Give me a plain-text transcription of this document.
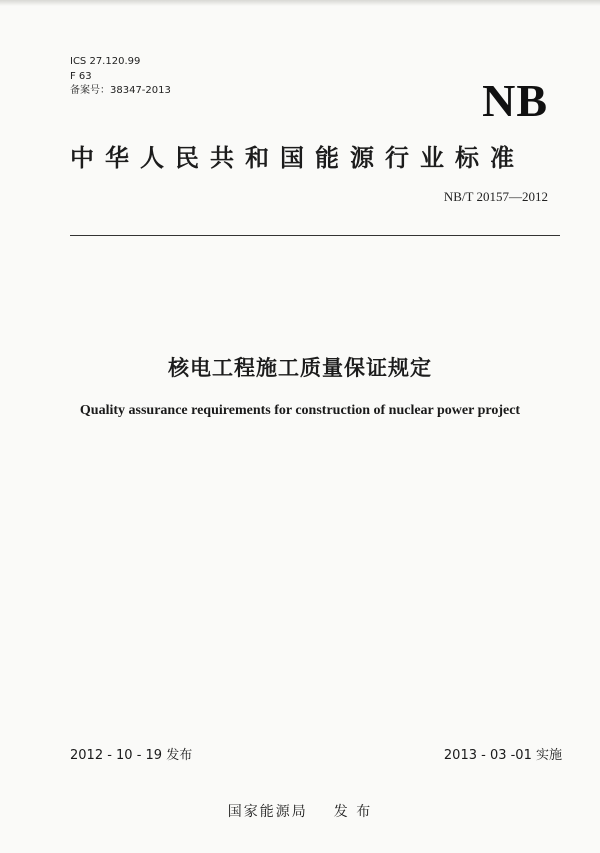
ICS 27.120.99
F 63
备案号：38347-2013	NB
中华人民共和国能源行业标准
NB/T 20157—2012
核电工程施工质量保证规定
Quality assurance requirements for construction of nuclear power project
2012 - 10 - 19 发布	2013 - 03 -01 实施
国家能源局 发 布
